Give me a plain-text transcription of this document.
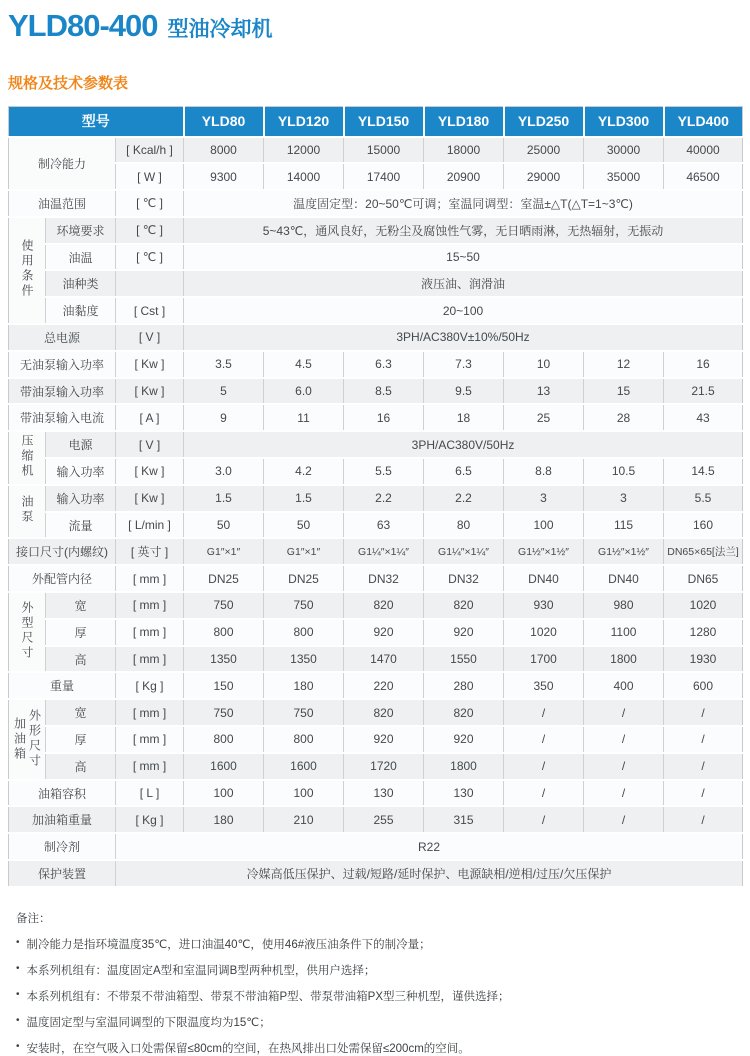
YLD80-400 型油冷却机
规格及技术参数表
型号			YLD80	YLD120	YLD150	YLD180	YLD250	YLD300	YLD400
制冷能力		[ Kcal/h ]	8000	12000	15000	18000	25000	30000	40000
		[ W ]	9300	14000	17400	20900	29000	35000	46500
油温范围		[ ℃ ]	温度固定型：20~50℃可调；室温同调型：室温±△T(△T=1~3℃)						
使用条件	环境要求	[ ℃ ]	5~43℃，通风良好，无粉尘及腐蚀性气雾，无日晒雨淋，无热辐射，无振动						
	油温	[ ℃ ]	15~50						
	油种类		液压油、润滑油						
	油黏度	[ Cst ]	20~100						
总电源		[ V ]	3PH/AC380V±10%/50Hz						
无油泵输入功率		[ Kw ]	3.5	4.5	6.3	7.3	10	12	16
带油泵输入功率		[ Kw ]	5	6.0	8.5	9.5	13	15	21.5
带油泵输入电流		[ A ]	9	11	16	18	25	28	43
压缩机	电源	[ V ]	3PH/AC380V/50Hz						
	输入功率	[ Kw ]	3.0	4.2	5.5	6.5	8.8	10.5	14.5
油泵	输入功率	[ Kw ]	1.5	1.5	2.2	2.2	3	3	5.5
	流量	[ L/min ]	50	50	63	80	100	115	160
接口尺寸(内螺纹)		[ 英寸 ]	G1″×1″	G1″×1″	G1¼″×1¼″	G1¼″×1¼″	G1½″×1½″	G1½″×1½″	DN65×65[法兰]
外配管内径		[ mm ]	DN25	DN25	DN32	DN32	DN40	DN40	DN65
外型尺寸	宽	[ mm ]	750	750	820	820	930	980	1020
	厚	[ mm ]	800	800	920	920	1020	1100	1280
	高	[ mm ]	1350	1350	1470	1550	1700	1800	1930
重量		[ Kg ]	150	180	220	280	350	400	600

加油箱 外形尺寸	宽	[ mm ]	750	750	820	820	/	/	/
	厚	[ mm ]	800	800	920	920	/	/	/
	高	[ mm ]	1600	1600	1720	1800	/	/	/
油箱容积		[ L ]	100	100	130	130	/	/	/
加油箱重量		[ Kg ]	180	210	255	315	/	/	/
制冷剂		R22							
保护装置		冷媒高低压保护、过载/短路/延时保护、电源缺相/逆相/过压/欠压保护							
备注：
• 制冷能力是指环境温度35℃，进口油温40℃，使用46#液压油条件下的制冷量；
• 本系列机组有：温度固定A型和室温同调B型两种机型，供用户选择；
• 本系列机组有：不带泵不带油箱型、带泵不带油箱P型、带泵带油箱PX型三种机型，谨供选择；
• 温度固定型与室温同调型的下限温度均为15℃；
• 安装时，在空气吸入口处需保留≤80cm的空间，在热风排出口处需保留≤200cm的空间。
